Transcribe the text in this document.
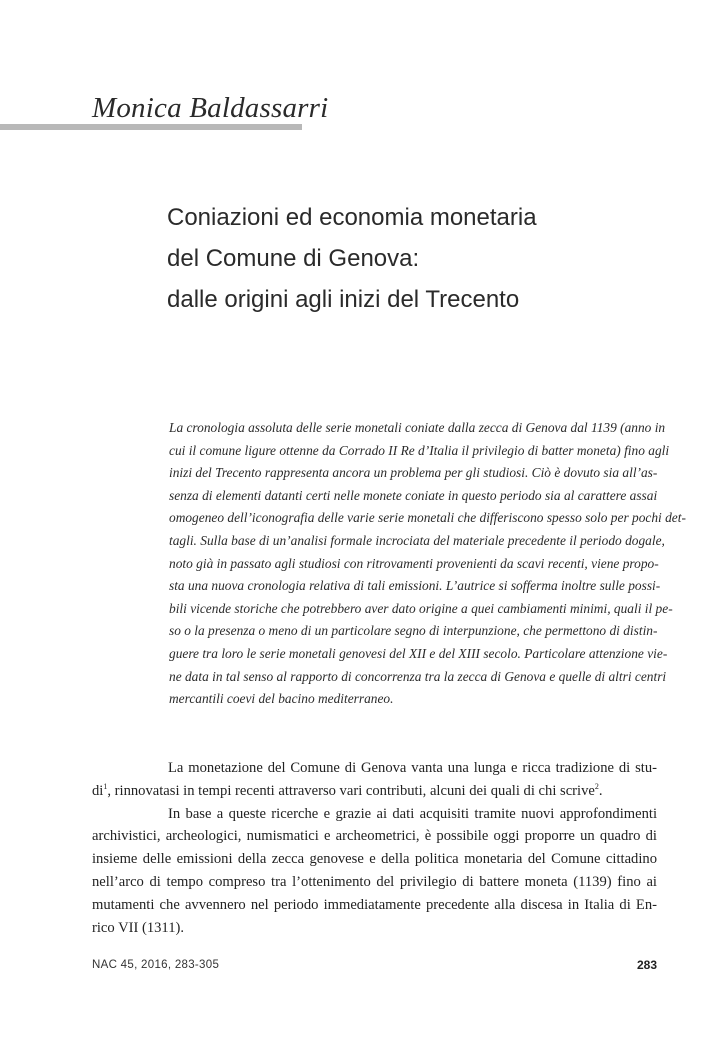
Monica Baldassarri
Coniazioni ed economia monetaria
del Comune di Genova:
dalle origini agli inizi del Trecento
La cronologia assoluta delle serie monetali coniate dalla zecca di Genova dal 1139 (anno in
cui il comune ligure ottenne da Corrado II Re d’Italia il privilegio di batter moneta) fino agli
inizi del Trecento rappresenta ancora un problema per gli studiosi. Ciò è dovuto sia all’as-
senza di elementi datanti certi nelle monete coniate in questo periodo sia al carattere assai
omogeneo dell’iconografia delle varie serie monetali che differiscono spesso solo per pochi det-
tagli. Sulla base di un’analisi formale incrociata del materiale precedente il periodo dogale,
noto già in passato agli studiosi con ritrovamenti provenienti da scavi recenti, viene propo-
sta una nuova cronologia relativa di tali emissioni. L’autrice si sofferma inoltre sulle possi-
bili vicende storiche che potrebbero aver dato origine a quei cambiamenti minimi, quali il pe-
so o la presenza o meno di un particolare segno di interpunzione, che permettono di distin-
guere tra loro le serie monetali genovesi del XII e del XIII secolo. Particolare attenzione vie-
ne data in tal senso al rapporto di concorrenza tra la zecca di Genova e quelle di altri centri
mercantili coevi del bacino mediterraneo.
La monetazione del Comune di Genova vanta una lunga e ricca tradizione di stu-
$di^1$, rinnovatasi in tempi recenti attraverso vari contributi, alcuni dei quali di chi scrive$^2$.
In base a queste ricerche e grazie ai dati acquisiti tramite nuovi approfondimenti
archivistici, archeologici, numismatici e archeometrici, è possibile oggi proporre un quadro di
insieme delle emissioni della zecca genovese e della politica monetaria del Comune cittadino
nell’arco di tempo compreso tra l’ottenimento del privilegio di battere moneta (1139) fino ai
mutamenti che avvennero nel periodo immediatamente precedente alla discesa in Italia di En-
rico VII (1311).
NAC 45, 2016, 283-305	283
